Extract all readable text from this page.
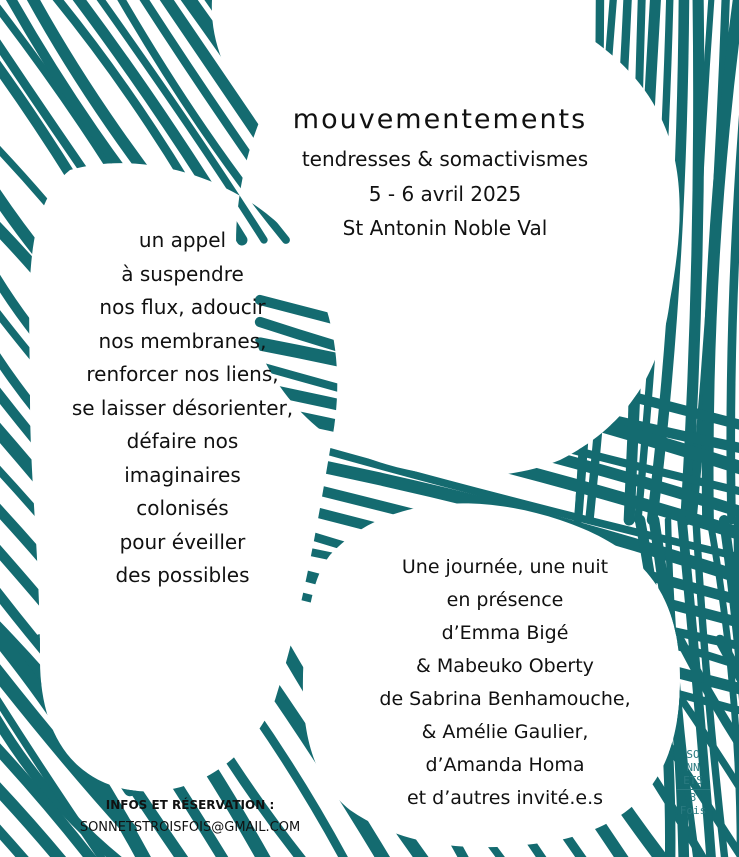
mouvementements
tendresses & somactivismes
5 - 6 avril 2025
St Antonin Noble Val
un appel
à suspendre
nos flux, adoucir
nos membranes,
renforcer nos liens,
se laisser désorienter,
défaire nos
imaginaires
colonisés
pour éveiller
des possibles	Une journée, une nuit
en présence
d’Emma Bigé
& Mabeuko Oberty
de Sabrina Benhamouche,
& Amélie Gaulier,
d’Amanda Homa
et d’autres invité.e.s
INFOS ET RÉSERVATION :
SONNETSTROISFOIS@GMAIL.COM
SO
NN
ETS
3 Fois
